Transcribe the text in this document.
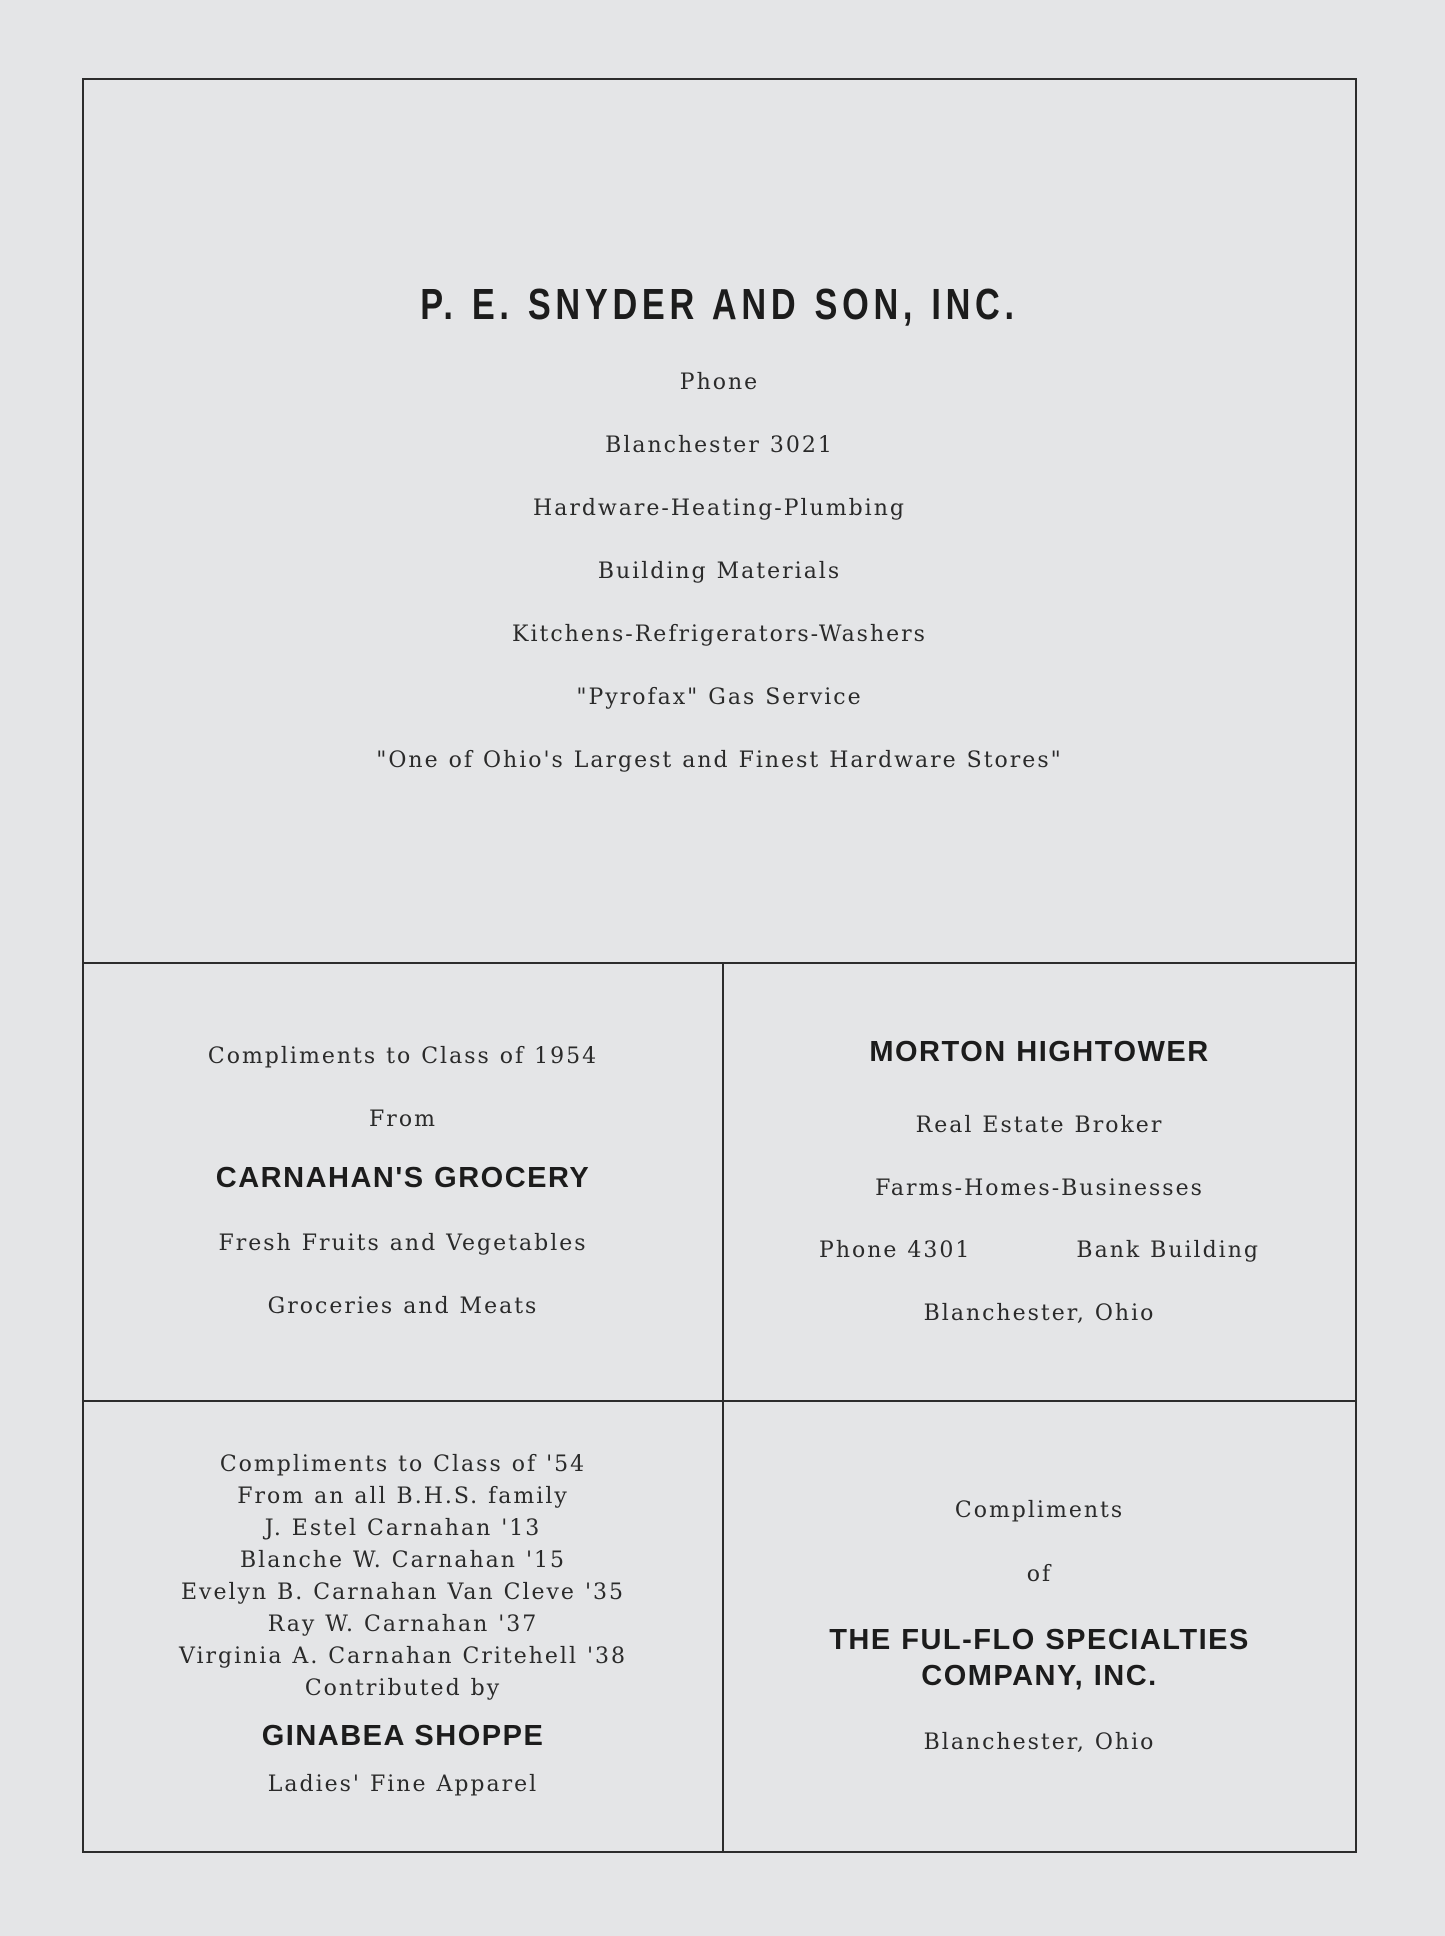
P. E. SNYDER AND SON, INC.
Phone
Blanchester 3021
Hardware-Heating-Plumbing
Building Materials
Kitchens-Refrigerators-Washers
"Pyrofax" Gas Service
"One of Ohio's Largest and Finest Hardware Stores"
Compliments to Class of 1954
From
CARNAHAN'S GROCERY
Fresh Fruits and Vegetables
Groceries and Meats
MORTON HIGHTOWER
Real Estate Broker
Farms-Homes-Businesses
Phone 4301	Bank Building
Blanchester, Ohio
Compliments to Class of '54
From an all B.H.S. family
J. Estel Carnahan '13
Blanche W. Carnahan '15
Evelyn B. Carnahan Van Cleve '35
Ray W. Carnahan '37
Virginia A. Carnahan Critehell '38
Contributed by
GINABEA SHOPPE
Ladies' Fine Apparel
Compliments
of
THE FUL-FLO SPECIALTIES
COMPANY, INC.
Blanchester, Ohio
